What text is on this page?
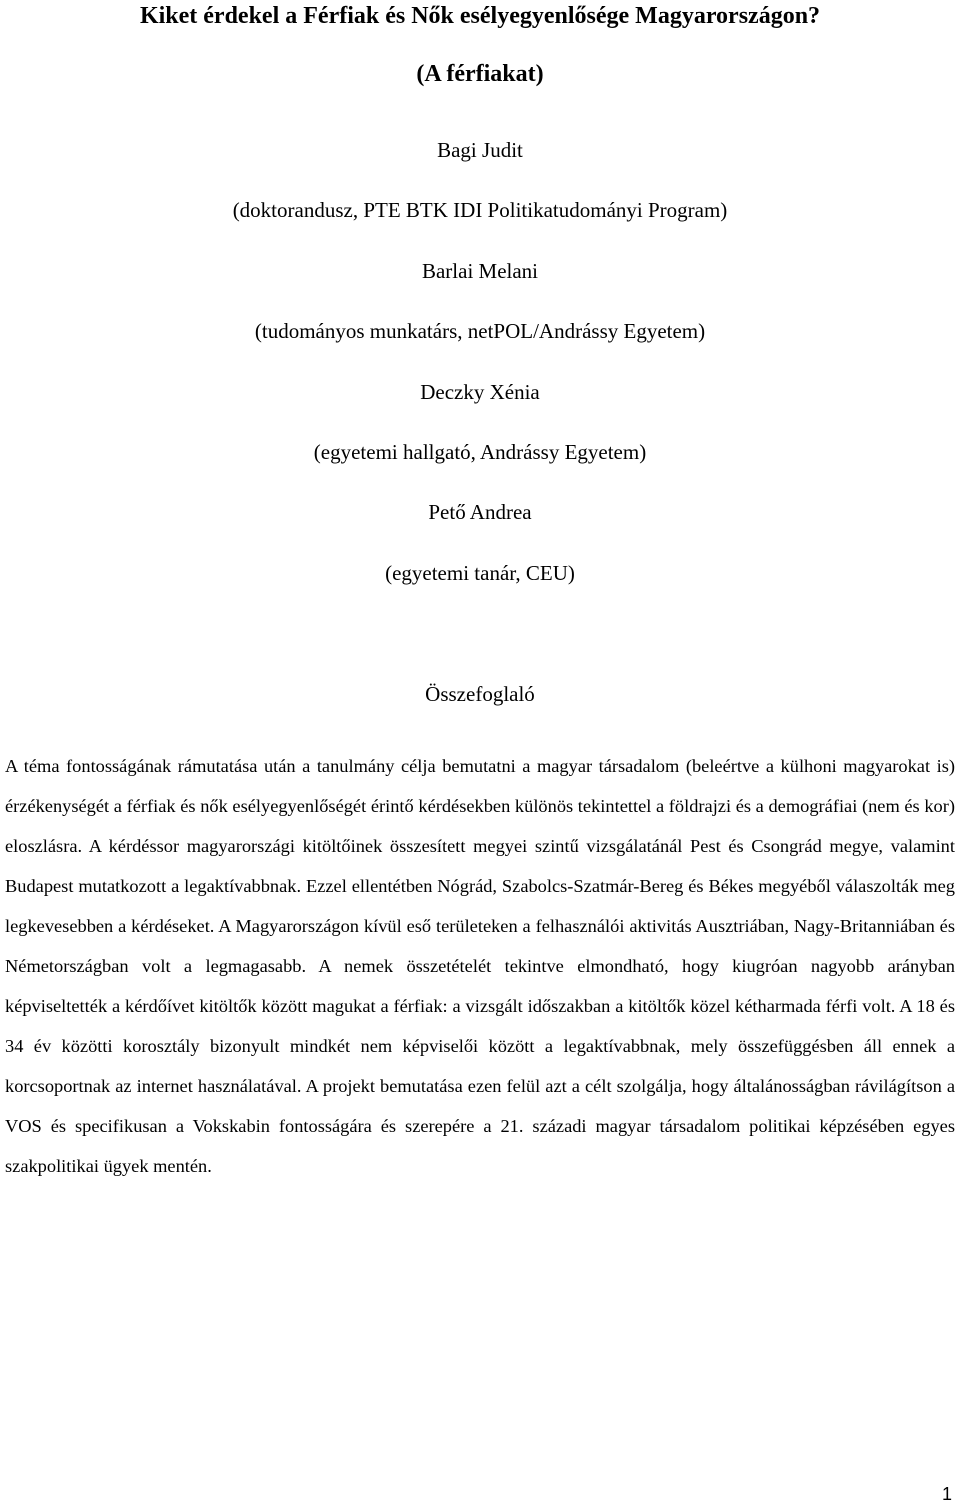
Kiket érdekel a Férfiak és Nők esélyegyenlősége Magyarországon?
(A férfiakat)
Bagi Judit
(doktorandusz, PTE BTK IDI Politikatudományi Program)
Barlai Melani
(tudományos munkatárs, netPOL/Andrássy Egyetem)
Deczky Xénia
(egyetemi hallgató, Andrássy Egyetem)
Pető Andrea
(egyetemi tanár, CEU)
Összefoglaló

A téma fontosságának rámutatása után a tanulmány célja bemutatni a magyar társadalom (beleértve a külhoni magyarokat is) érzékenységét a férfiak és nők esélyegyenlőségét érintő kérdésekben különös tekintettel a földrajzi és a demográfiai (nem és kor) eloszlásra. A kérdéssor magyarországi kitöltőinek összesített megyei szintű vizsgálatánál Pest és Csongrád megye, valamint Budapest mutatkozott a legaktívabbnak. Ezzel ellentétben Nógrád, Szabolcs-Szatmár-Bereg és Békes megyéből válaszolták meg legkevesebben a kérdéseket. A Magyarországon kívül eső területeken a felhasználói aktivitás Ausztriában, Nagy-Britanniában és Németországban volt a legmagasabb. A nemek összetételét tekintve elmondható, hogy kiugróan nagyobb arányban képviseltették a kérdőívet kitöltők között magukat a férfiak: a vizsgált időszakban a kitöltők közel kétharmada férfi volt. A 18 és 34 év közötti korosztály bizonyult mindkét nem képviselői között a legaktívabbnak, mely összefüggésben áll ennek a korcsoportnak az internet használatával. A projekt bemutatása ezen felül azt a célt szolgálja, hogy általánosságban rávilágítson a VOS és specifikusan a Vokskabin fontosságára és szerepére a 21. századi magyar társadalom politikai képzésében egyes szakpolitikai ügyek mentén.

1
